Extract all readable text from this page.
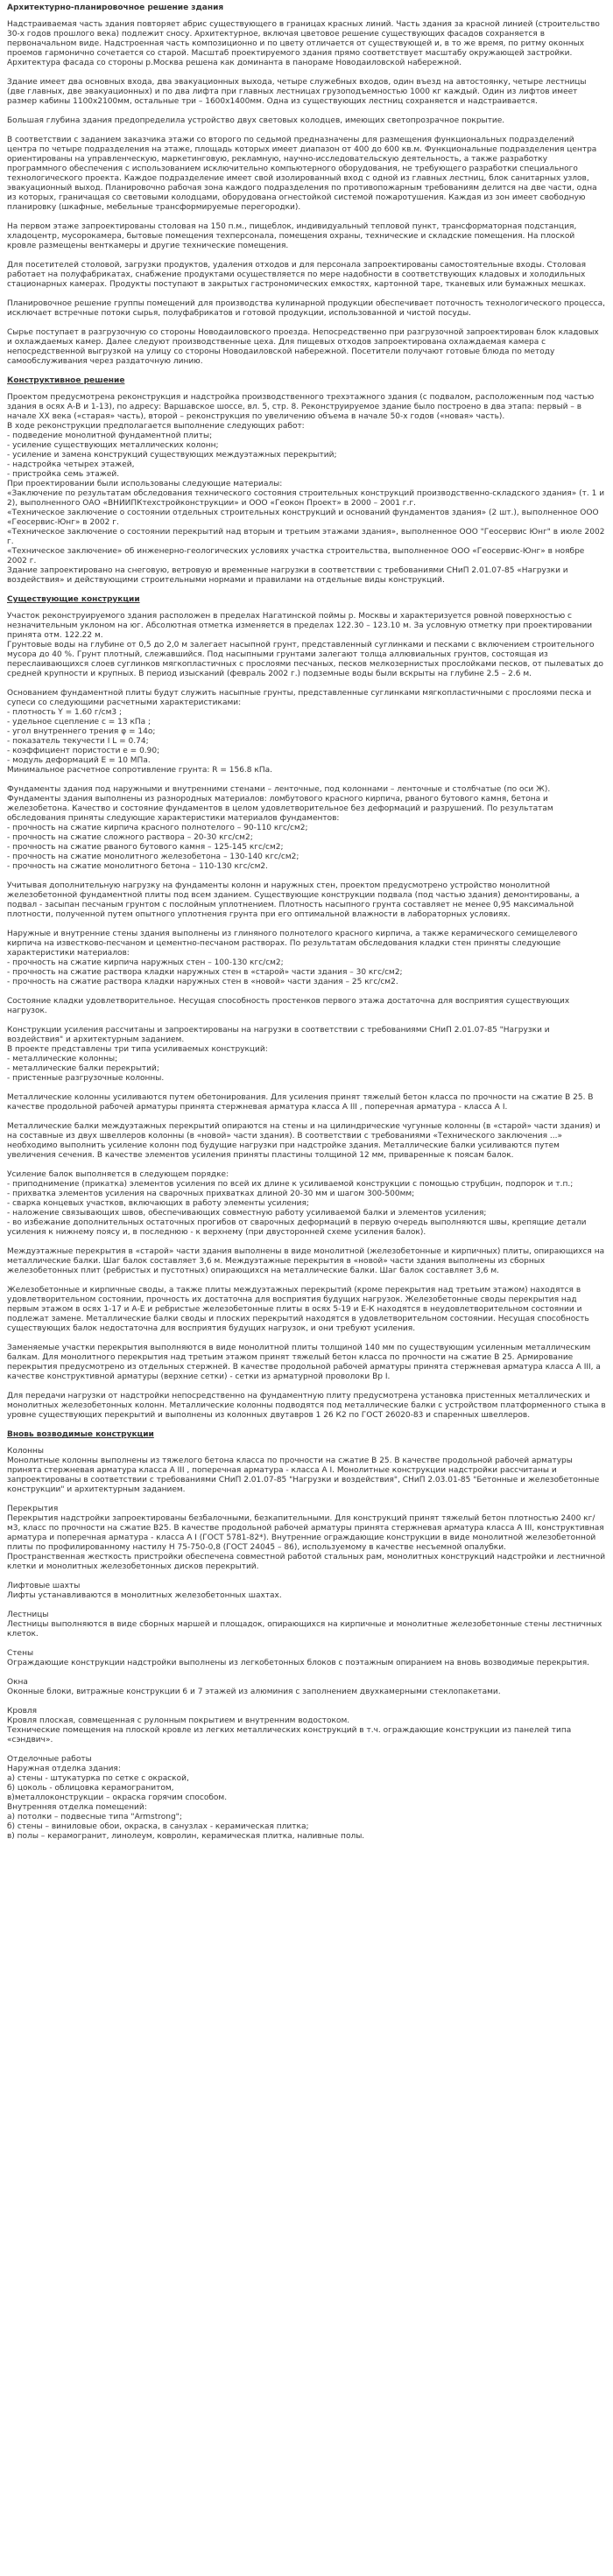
Архитектурно-планировочное решение здания

Надстраиваемая часть здания повторяет абрис существующего в границах красных линий. Часть здания за красной линией (строительство 30-х годов прошлого века) подлежит сносу. Архитектурное, включая цветовое решение существующих фасадов сохраняется в первоначальном виде. Надстроенная часть композиционно и по цвету отличается от существующей и, в то же время, по ритму оконных проемов гармонично сочетается со старой. Масштаб проектируемого здания прямо соответствует масштабу окружающей застройки. Архитектура фасада со стороны р.Москва решена как доминанта в панораме Новодаиловской набережной.

Здание имеет два основных входа, два эвакуационных выхода, четыре служебных входов, один въезд на автостоянку, четыре лестницы (две главных, две эвакуационных) и по два лифта при главных лестницах грузоподъемностью 1000 кг каждый. Один из лифтов имеет размер кабины 1100х2100мм, остальные три – 1600х1400мм. Одна из существующих лестниц сохраняется и надстраивается.

Большая глубина здания предопределила устройство двух световых колодцев, имеющих светопрозрачное покрытие.

В соответствии с заданием заказчика этажи со второго по седьмой предназначены для размещения функциональных подразделений центра по четыре подразделения на этаже, площадь которых имеет диапазон от 400 до 600 кв.м. Функциональные подразделения центра ориентированы на управленческую, маркетинговую, рекламную, научно-исследовательскую деятельность, а также разработку программного обеспечения с использованием исключительно компьютерного оборудования, не требующего разработки специального технологического проекта. Каждое подразделение имеет свой изолированный вход с одной из главных лестниц, блок санитарных узлов, эвакуационный выход. Планировочно рабочая зона каждого подразделения по противопожарным требованиям делится на две части, одна из которых, граничащая со световыми колодцами, оборудована огнестойкой системой пожаротушения. Каждая из зон имеет свободную планировку (шкафные, мебельные трансформируемые перегородки).

На первом этаже запроектированы столовая на 150 п.м., пищеблок, индивидуальный тепловой пункт, трансформаторная подстанция, хладоцентр, мусорокамера, бытовые помещения техперсонала, помещения охраны, технические и складские помещения. На плоской кровле размещены венткамеры и другие технические помещения.

Для посетителей столовой, загрузки продуктов, удаления отходов и для персонала запроектированы самостоятельные входы. Столовая работает на полуфабрикатах, снабжение продуктами осуществляется по мере надобности в соответствующих кладовых и холодильных стационарных камерах. Продукты поступают в закрытых гастрономических емкостях, картонной таре, тканевых или бумажных мешках.

Планировочное решение группы помещений для производства кулинарной продукции обеспечивает поточность технологического процесса, исключает встречные потоки сырья, полуфабрикатов и готовой продукции, использованной и чистой посуды.

Сырье поступает в разгрузочную со стороны Новодаиловского проезда. Непосредственно при разгрузочной запроектирован блок кладовых и охлаждаемых камер. Далее следуют производственные цеха. Для пищевых отходов запроектирована охлаждаемая камера с непосредственной выгрузкой на улицу со стороны Новодаиловской набережной. Посетители получают готовые блюда по методу самообслуживания через раздаточную линию.

Конструктивное решение

Проектом предусмотрена реконструкция и надстройка производственного трехэтажного здания (с подвалом, расположенным под частью здания в осях А-В и 1-13), по адресу: Варшавское шоссе, вл. 5, стр. 8. Реконструируемое здание было построено в два этапа: первый – в начале ХХ века («старая» часть), второй – реконструкция по увеличению объема в начале 50-х годов («новая» часть).
В ходе реконструкции предполагается выполнение следующих работ:
- подведение монолитной фундаментной плиты;
- усиление существующих металлических колонн;
- усиление и замена конструкций существующих междуэтажных перекрытий;
- надстройка четырех этажей,
- пристройка семь этажей.
При проектировании были использованы следующие материалы:
«Заключение по результатам обследования технического состояния строительных конструкций производственно-складского здания» (т. 1 и 2), выполненного ОАО «ВНИИПКтехстройконструкции» и ООО «Геокон Проект» в 2000 – 2001 г.г.
«Техническое заключение о состоянии отдельных строительных конструкций и оснований фундаментов здания» (2 шт.), выполненное ООО «Геосервис-Юнг» в 2002 г.
«Техническое заключение о состоянии перекрытий над вторым и третьим этажами здания», выполненное ООО "Геосервис Юнг" в июле 2002 г.
«Техническое заключение» об инженерно-геологических условиях участка строительства, выполненное ООО «Геосервис-Юнг» в ноябре 2002 г.
Здание запроектировано на снеговую, ветровую и временные нагрузки в соответствии с требованиями СНиП 2.01.07-85 «Нагрузки и воздействия» и действующими строительными нормами и правилами на отдельные виды конструкций.

Существующие конструкции

Участок реконструируемого здания расположен в пределах Нагатинской поймы р. Москвы и характеризуется ровной поверхностью с незначительным уклоном на юг. Абсолютная отметка изменяется в пределах 122.30 – 123.10 м. За условную отметку при проектировании принята отм. 122.22 м.
Грунтовые воды на глубине от 0,5 до 2,0 м залегает насыпной грунт, представленный суглинками и песками с включением строительного мусора до 40 %. Грунт плотный, слежавшийся. Под насыпными грунтами залегают толща аллювиальных грунтов, состоящая из переслаивающихся слоев суглинков мягкопластичных с прослоями песчаных, песков мелкозернистых прослойками песков, от пылеватых до средней крупности и крупных. В период изысканий (февраль 2002 г.) подземные воды были вскрыты на глубине 2.5 – 2.6 м.

Основанием фундаментной плиты будут служить насыпные грунты, представленные суглинками мягкопластичными с прослоями песка и супеси со следующими расчетными характеристиками:
- плотность Y = 1.60 г/см3 ;
- удельное сцепление c = 13 кПа ;
- угол внутреннего трения φ = 14o;
- показатель текучести I L = 0.74;
- коэффициент пористости e = 0.90;
- модуль деформаций E = 10 МПа.
Минимальное расчетное сопротивление грунта: R = 156.8 кПа.

Фундаменты здания под наружными и внутренними стенами – ленточные, под колоннами – ленточные и столбчатые (по оси Ж). Фундаменты здания выполнены из разнородных материалов: ломбутового красного кирпича, рваного бутового камня, бетона и железобетона. Качество и состояние фундаментов в целом удовлетворительное без деформаций и разрушений. По результатам обследования приняты следующие характеристики материалов фундаментов:
- прочность на сжатие кирпича красного полнотелого – 90-110 кгс/см2;
- прочность на сжатие сложного раствора – 20-30 кгс/см2;
- прочность на сжатие рваного бутового камня – 125-145 кгс/см2;
- прочность на сжатие монолитного железобетона – 130-140 кгс/см2;
- прочность на сжатие монолитного бетона – 110-130 кгс/см2.

Учитывая дополнительную нагрузку на фундаменты колонн и наружных стен, проектом предусмотрено устройство монолитной железобетонной фундаментной плиты под всем зданием. Существующие конструкции подвала (под частью здания) демонтированы, а подвал - засыпан песчаным грунтом с послойным уплотнением. Плотность насыпного грунта составляет не менее 0,95 максимальной плотности, полученной путем опытного уплотнения грунта при его оптимальной влажности в лабораторных условиях.

Наружные и внутренние стены здания выполнены из глиняного полнотелого красного кирпича, а также керамического семищелевого кирпича на известково-песчаном и цементно-песчаном растворах. По результатам обследования кладки стен приняты следующие характеристики материалов:
- прочность на сжатие кирпича наружных стен – 100-130 кгс/см2;
- прочность на сжатие раствора кладки наружных стен в «старой» части здания – 30 кгс/см2;
- прочность на сжатие раствора кладки наружных стен в «новой» части здания – 25 кгс/см2.

Состояние кладки удовлетворительное. Несущая способность простенков первого этажа достаточна для восприятия существующих нагрузок.

Конструкции усиления рассчитаны и запроектированы на нагрузки в соответствии с требованиями СНиП 2.01.07-85 "Нагрузки и воздействия" и архитектурным заданием.
В проекте представлены три типа усиливаемых конструкций:
- металлические колонны;
- металлические балки перекрытий;
- пристенные разгрузочные колонны.

Металлические колонны усиливаются путем обетонирования. Для усиления принят тяжелый бетон класса по прочности на сжатие В 25. В качестве продольной рабочей арматуры принята стержневая арматура класса А III , поперечная арматура - класса А I.

Металлические балки междуэтажных перекрытий опираются на стены и на цилиндрические чугунные колонны (в «старой» части здания) и на составные из двух швеллеров колонны (в «новой» части здания). В соответствии с требованиями «Технического заключения ...» необходимо выполнить усиление колонн под будущие нагрузки при надстройке здания. Металлические балки усиливаются путем увеличения сечения. В качестве элементов усиления приняты пластины толщиной 12 мм, приваренные к поясам балок.

Усиление балок выполняется в следующем порядке:
- приподнимение (прикатка) элементов усиления по всей их длине к усиливаемой конструкции с помощью струбцин, подпорок и т.п.;
- прихватка элементов усиления на сварочных прихватках длиной 20-30 мм и шагом 300-500мм;
- сварка концевых участков, включающих в работу элементы усиления;
- наложение связывающих швов, обеспечивающих совместную работу усиливаемой балки и элементов усиления;
- во избежание дополнительных остаточных прогибов от сварочных деформаций в первую очередь выполняются швы, крепящие детали усиления к нижнему поясу и, в последнюю - к верхнему (при двусторонней схеме усиления балок).

Междуэтажные перекрытия в «старой» части здания выполнены в виде монолитной (железобетонные и кирпичных) плиты, опирающихся на металлические балки. Шаг балок составляет 3,6 м. Междуэтажные перекрытия в «новой» части здания выполнены из сборных железобетонных плит (ребристых и пустотных) опирающихся на металлические балки. Шаг балок составляет 3,6 м.

Железобетонные и кирпичные своды, а также плиты междуэтажных перекрытий (кроме перекрытия над третьим этажом) находятся в удовлетворительном состоянии, прочность их достаточна для восприятия будущих нагрузок. Железобетонные своды перекрытия над первым этажом в осях 1-17 и А-Е и ребристые железобетонные плиты в осях 5-19 и Е-К находятся в неудовлетворительном состоянии и подлежат замене. Металлические балки своды и плоских перекрытий находятся в удовлетворительном состоянии. Несущая способность существующих балок недостаточна для восприятия будущих нагрузок, и они требуют усиления.

Заменяемые участки перекрытия выполняются в виде монолитной плиты толщиной 140 мм по существующим усиленным металлическим балкам. Для монолитного перекрытия над третьим этажом принят тяжелый бетон класса по прочности на сжатие В 25. Армирование перекрытия предусмотрено из отдельных стержней. В качестве продольной рабочей арматуры принята стержневая арматура класса А III, а качестве конструктивной арматуры (верхние сетки) - сетки из арматурной проволоки Вр I.

Для передачи нагрузки от надстройки непосредственно на фундаментную плиту предусмотрена установка пристенных металлических и монолитных железобетонных колонн. Металлические колонны подводятся под металлические балки с устройством платформенного стыка в уровне существующих перекрытий и выполнены из колонных двутавров 1 26 К2 по ГОСТ 26020-83 и спаренных швеллеров.

Вновь возводимые конструкции

Колонны
Монолитные колонны выполнены из тяжелого бетона класса по прочности на сжатие В 25. В качестве продольной рабочей арматуры принята стержневая арматура класса А III , поперечная арматура - класса А I. Монолитные конструкции надстройки рассчитаны и запроектированы в соответствии с требованиями СНиП 2.01.07-85 "Нагрузки и воздействия", СНиП 2.03.01-85 "Бетонные и железобетонные конструкции" и архитектурным заданием.

Перекрытия
Перекрытия надстройки запроектированы безбалочными, безкапительными. Для конструкций принят тяжелый бетон плотностью 2400 кг/м3, класс по прочности на сжатие В25. В качестве продольной рабочей арматуры принята стержневая арматура класса А III, конструктивная арматура и поперечная арматура - класса А I (ГОСТ 5781-82*). Внутренние ограждающие конструкции в виде монолитной железобетонной плиты по профилированному настилу Н 75-750-0,8 (ГОСТ 24045 – 86), используемому в качестве несъемной опалубки.
Пространственная жесткость пристройки обеспечена совместной работой стальных рам, монолитных конструкций надстройки и лестничной клетки и монолитных железобетонных дисков перекрытий.

Лифтовые шахты
Лифты устанавливаются в монолитных железобетонных шахтах.

Лестницы
Лестницы выполняются в виде сборных маршей и площадок, опирающихся на кирпичные и монолитные железобетонные стены лестничных клеток.

Стены
Ограждающие конструкции надстройки выполнены из легкобетонных блоков с поэтажным опиранием на вновь возводимые перекрытия.

Окна
Оконные блоки, витражные конструкции 6 и 7 этажей из алюминия с заполнением двухкамерными стеклопакетами.

Кровля
Кровля плоская, совмещенная с рулонным покрытием и внутренним водостоком.
Технические помещения на плоской кровле из легких металлических конструкций в т.ч. ограждающие конструкции из панелей типа «сэндвич».

Отделочные работы
Наружная отделка здания:
а) стены - штукатурка по сетке с окраской,
б) цоколь - облицовка керамогранитом,
в)металлоконструкции – окраска горячим способом.
Внутренняя отделка помещений:
а) потолки – подвесные типа "Armstrong";
б) стены – виниловые обои, окраска, в санузлах - керамическая плитка;
в) полы – керамогранит, линолеум, ковролин, керамическая плитка, наливные полы.
